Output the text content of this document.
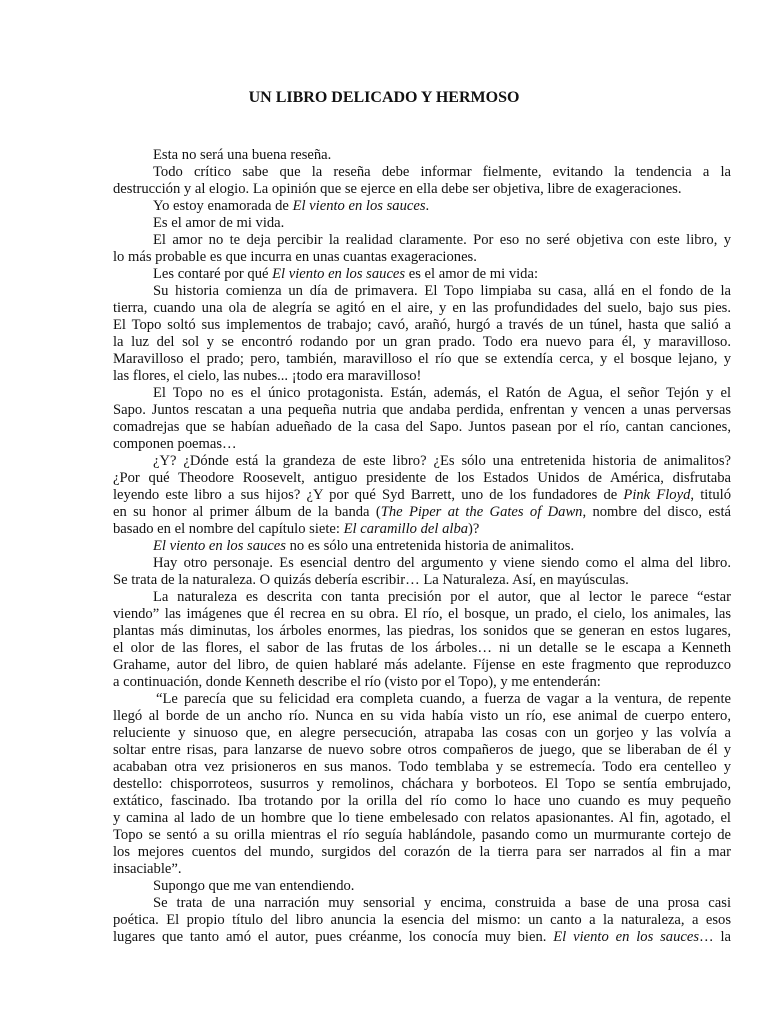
UN LIBRO DELICADO Y HERMOSO
Esta no será una buena reseña.
Todo crítico sabe que la reseña debe informar fielmente, evitando la tendencia a la
destrucción y al elogio. La opinión que se ejerce en ella debe ser objetiva, libre de exageraciones.
Yo estoy enamorada de El viento en los sauces.
Es el amor de mi vida.
El amor no te deja percibir la realidad claramente. Por eso no seré objetiva con este libro, y
lo más probable es que incurra en unas cuantas exageraciones.
Les contaré por qué El viento en los sauces es el amor de mi vida:
Su historia comienza un día de primavera. El Topo limpiaba su casa, allá en el fondo de la
tierra, cuando una ola de alegría se agitó en el aire, y en las profundidades del suelo, bajo sus pies.
El Topo soltó sus implementos de trabajo; cavó, arañó, hurgó a través de un túnel, hasta que salió a
la luz del sol y se encontró rodando por un gran prado. Todo era nuevo para él, y maravilloso.
Maravilloso el prado; pero, también, maravilloso el río que se extendía cerca, y el bosque lejano, y
las flores, el cielo, las nubes... ¡todo era maravilloso!
El Topo no es el único protagonista. Están, además, el Ratón de Agua, el señor Tejón y el
Sapo. Juntos rescatan a una pequeña nutria que andaba perdida, enfrentan y vencen a unas perversas
comadrejas que se habían adueñado de la casa del Sapo. Juntos pasean por el río, cantan canciones,
componen poemas…
¿Y? ¿Dónde está la grandeza de este libro? ¿Es sólo una entretenida historia de animalitos?
¿Por qué Theodore Roosevelt, antiguo presidente de los Estados Unidos de América, disfrutaba
leyendo este libro a sus hijos? ¿Y por qué Syd Barrett, uno de los fundadores de Pink Floyd, tituló
en su honor al primer álbum de la banda (The Piper at the Gates of Dawn, nombre del disco, está
basado en el nombre del capítulo siete: El caramillo del alba)?
El viento en los sauces no es sólo una entretenida historia de animalitos.
Hay otro personaje. Es esencial dentro del argumento y viene siendo como el alma del libro.
Se trata de la naturaleza. O quizás debería escribir… La Naturaleza. Así, en mayúsculas.
La naturaleza es descrita con tanta precisión por el autor, que al lector le parece “estar
viendo” las imágenes que él recrea en su obra. El río, el bosque, un prado, el cielo, los animales, las
plantas más diminutas, los árboles enormes, las piedras, los sonidos que se generan en estos lugares,
el olor de las flores, el sabor de las frutas de los árboles… ni un detalle se le escapa a Kenneth
Grahame, autor del libro, de quien hablaré más adelante. Fíjense en este fragmento que reproduzco
a continuación, donde Kenneth describe el río (visto por el Topo), y me entenderán:
“Le parecía que su felicidad era completa cuando, a fuerza de vagar a la ventura, de repente
llegó al borde de un ancho río. Nunca en su vida había visto un río, ese animal de cuerpo entero,
reluciente y sinuoso que, en alegre persecución, atrapaba las cosas con un gorjeo y las volvía a
soltar entre risas, para lanzarse de nuevo sobre otros compañeros de juego, que se liberaban de él y
acababan otra vez prisioneros en sus manos. Todo temblaba y se estremecía. Todo era centelleo y
destello: chisporroteos, susurros y remolinos, cháchara y borboteos. El Topo se sentía embrujado,
extático, fascinado. Iba trotando por la orilla del río como lo hace uno cuando es muy pequeño
y camina al lado de un hombre que lo tiene embelesado con relatos apasionantes. Al fin, agotado, el
Topo se sentó a su orilla mientras el río seguía hablándole, pasando como un murmurante cortejo de
los mejores cuentos del mundo, surgidos del corazón de la tierra para ser narrados al fin a mar
insaciable”.
Supongo que me van entendiendo.
Se trata de una narración muy sensorial y encima, construida a base de una prosa casi
poética. El propio título del libro anuncia la esencia del mismo: un canto a la naturaleza, a esos
lugares que tanto amó el autor, pues créanme, los conocía muy bien. El viento en los sauces… la
